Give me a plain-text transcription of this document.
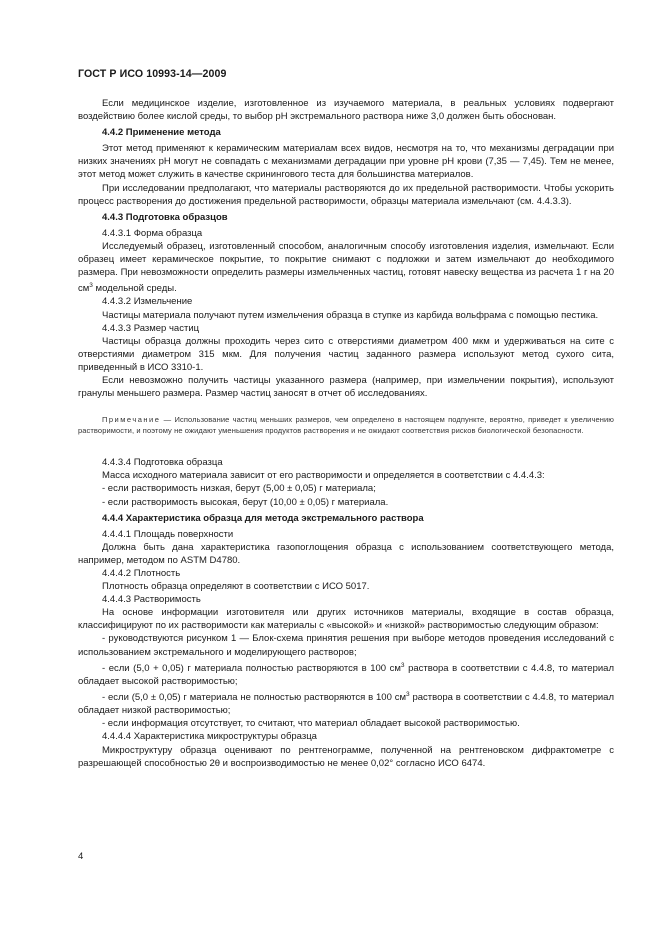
ГОСТ Р ИСО 10993-14—2009

Если медицинское изделие, изготовленное из изучаемого материала, в реальных условиях подвергают воздействию более кислой среды, то выбор pH экстремального раствора ниже 3,0 должен быть обоснован.

4.4.2 Применение метода

Этот метод применяют к керамическим материалам всех видов, несмотря на то, что механизмы деградации при низких значениях pH могут не совпадать с механизмами деградации при уровне pH крови (7,35 — 7,45). Тем не менее, этот метод может служить в качестве скринингового теста для большинства материалов.

При исследовании предполагают, что материалы растворяются до их предельной растворимости. Чтобы ускорить процесс растворения до достижения предельной растворимости, образцы материала измельчают (см. 4.4.3.3).

4.4.3 Подготовка образцов

4.4.3.1 Форма образца

Исследуемый образец, изготовленный способом, аналогичным способу изготовления изделия, измельчают. Если образец имеет керамическое покрытие, то покрытие снимают с подложки и затем измельчают до необходимого размера. При невозможности определить размеры измельченных частиц, готовят навеску вещества из расчета 1 г на 20 $см^3$ модельной среды.

4.4.3.2 Измельчение

Частицы материала получают путем измельчения образца в ступке из карбида вольфрама с помощью пестика.

4.4.3.3 Размер частиц

Частицы образца должны проходить через сито с отверстиями диаметром 400 мкм и удерживаться на сите с отверстиями диаметром 315 мкм. Для получения частиц заданного размера используют метод сухого сита, приведенный в ИСО 3310-1.

Если невозможно получить частицы указанного размера (например, при измельчении покрытия), используют гранулы меньшего размера. Размер частиц заносят в отчет об исследованиях.

Примечание — Использование частиц меньших размеров, чем определено в настоящем подпункте, вероятно, приведет к увеличению растворимости, и поэтому не ожидают уменьшения продуктов растворения и не ожидают соответствия рисков биологической безопасности.

4.4.3.4 Подготовка образца

Масса исходного материала зависит от его растворимости и определяется в соответствии с 4.4.4.3:

- если растворимость низкая, берут (5,00 ± 0,05) г материала;

- если растворимость высокая, берут (10,00 ± 0,05) г материала.

4.4.4 Характеристика образца для метода экстремального раствора

4.4.4.1 Площадь поверхности

Должна быть дана характеристика газопоглощения образца с использованием соответствующего метода, например, методом по ASTM D4780.

4.4.4.2 Плотность

Плотность образца определяют в соответствии с ИСО 5017.

4.4.4.3 Растворимость

На основе информации изготовителя или других источников материалы, входящие в состав образца, классифицируют по их растворимости как материалы с «высокой» и «низкой» растворимостью следующим образом:

- руководствуются рисунком 1 — Блок-схема принятия решения при выборе методов проведения исследований с использованием экстремального и моделирующего растворов;

- если (5,0 + 0,05) г материала полностью растворяются в 100 $см^3$ раствора в соответствии с 4.4.8, то материал обладает высокой растворимостью;

- если (5,0 ± 0,05) г материала не полностью растворяются в 100 $см^3$ раствора в соответствии с 4.4.8, то материал обладает низкой растворимостью;

- если информация отсутствует, то считают, что материал обладает высокой растворимостью.

4.4.4.4 Характеристика микроструктуры образца

Микроструктуру образца оценивают по рентгенограмме, полученной на рентгеновском дифрактометре с разрешающей способностью 2θ и воспроизводимостью не менее 0,02° согласно ИСО 6474.

4
